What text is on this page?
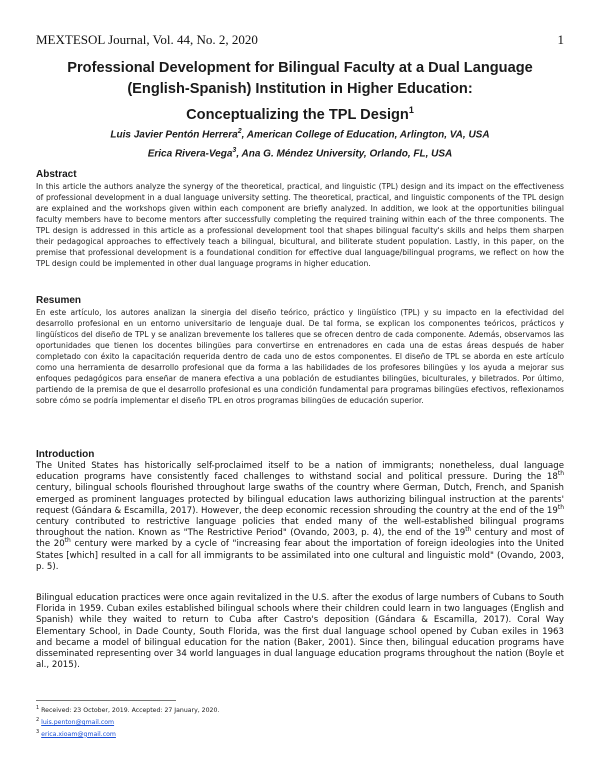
MEXTESOL Journal, Vol. 44, No. 2, 2020	1
Professional Development for Bilingual Faculty at a Dual Language
(English-Spanish) Institution in Higher Education:
Conceptualizing the TPL Design$^1$
Luis Javier Pentón Herrera$^2$, American College of Education, Arlington, VA, USA
Erica Rivera-Vega$^3$, Ana G. Méndez University, Orlando, FL, USA
Abstract
In this article the authors analyze the synergy of the theoretical, practical, and linguistic (TPL) design and its impact on the effectiveness of professional development in a dual language university setting. The theoretical, practical, and linguistic components of the TPL design are explained and the workshops given within each component are briefly analyzed. In addition, we look at the opportunities bilingual faculty members have to become mentors after successfully completing the required training within each of the three components. The TPL design is addressed in this article as a professional development tool that shapes bilingual faculty's skills and helps them sharpen their pedagogical approaches to effectively teach a bilingual, bicultural, and biliterate student population. Lastly, in this paper, on the premise that professional development is a foundational condition for effective dual language/bilingual programs, we reflect on how the TPL design could be implemented in other dual language programs in higher education.
Resumen
En este artículo, los autores analizan la sinergia del diseño teórico, práctico y lingüístico (TPL) y su impacto en la efectividad del desarrollo profesional en un entorno universitario de lenguaje dual. De tal forma, se explican los componentes teóricos, prácticos y lingüísticos del diseño de TPL y se analizan brevemente los talleres que se ofrecen dentro de cada componente. Además, observamos las oportunidades que tienen los docentes bilingües para convertirse en entrenadores en cada una de estas áreas después de haber completado con éxito la capacitación requerida dentro de cada uno de estos componentes. El diseño de TPL se aborda en este artículo como una herramienta de desarrollo profesional que da forma a las habilidades de los profesores bilingües y los ayuda a mejorar sus enfoques pedagógicos para enseñar de manera efectiva a una población de estudiantes bilingües, biculturales, y biletrados. Por último, partiendo de la premisa de que el desarrollo profesional es una condición fundamental para programas bilingües efectivos, reflexionamos sobre cómo se podría implementar el diseño TPL en otros programas bilingües de educación superior.
Introduction
The United States has historically self-proclaimed itself to be a nation of immigrants; nonetheless, dual language education programs have consistently faced challenges to withstand social and political pressure. During the 18th century, bilingual schools flourished throughout large swaths of the country where German, Dutch, French, and Spanish emerged as prominent languages protected by bilingual education laws authorizing bilingual instruction at the parents' request (Gándara & Escamilla, 2017). However, the deep economic recession shrouding the country at the end of the 19th century contributed to restrictive language policies that ended many of the well-established bilingual programs throughout the nation. Known as "The Restrictive Period" (Ovando, 2003, p. 4), the end of the 19th century and most of the 20th century were marked by a cycle of "increasing fear about the importation of foreign ideologies into the United States [which] resulted in a call for all immigrants to be assimilated into one cultural and linguistic mold" (Ovando, 2003, p. 5).
Bilingual education practices were once again revitalized in the U.S. after the exodus of large numbers of Cubans to South Florida in 1959. Cuban exiles established bilingual schools where their children could learn in two languages (English and Spanish) while they waited to return to Cuba after Castro's deposition (Gándara & Escamilla, 2017). Coral Way Elementary School, in Dade County, South Florida, was the first dual language school opened by Cuban exiles in 1963 and became a model of bilingual education for the nation (Baker, 2001). Since then, bilingual education programs have disseminated representing over 34 world languages in dual language education programs throughout the nation (Boyle et al., 2015).
$^1$ Received: 23 October, 2019. Accepted: 27 January, 2020.
$^2$ luis.penton@gmail.com
$^3$ erica.xioam@gmail.com
